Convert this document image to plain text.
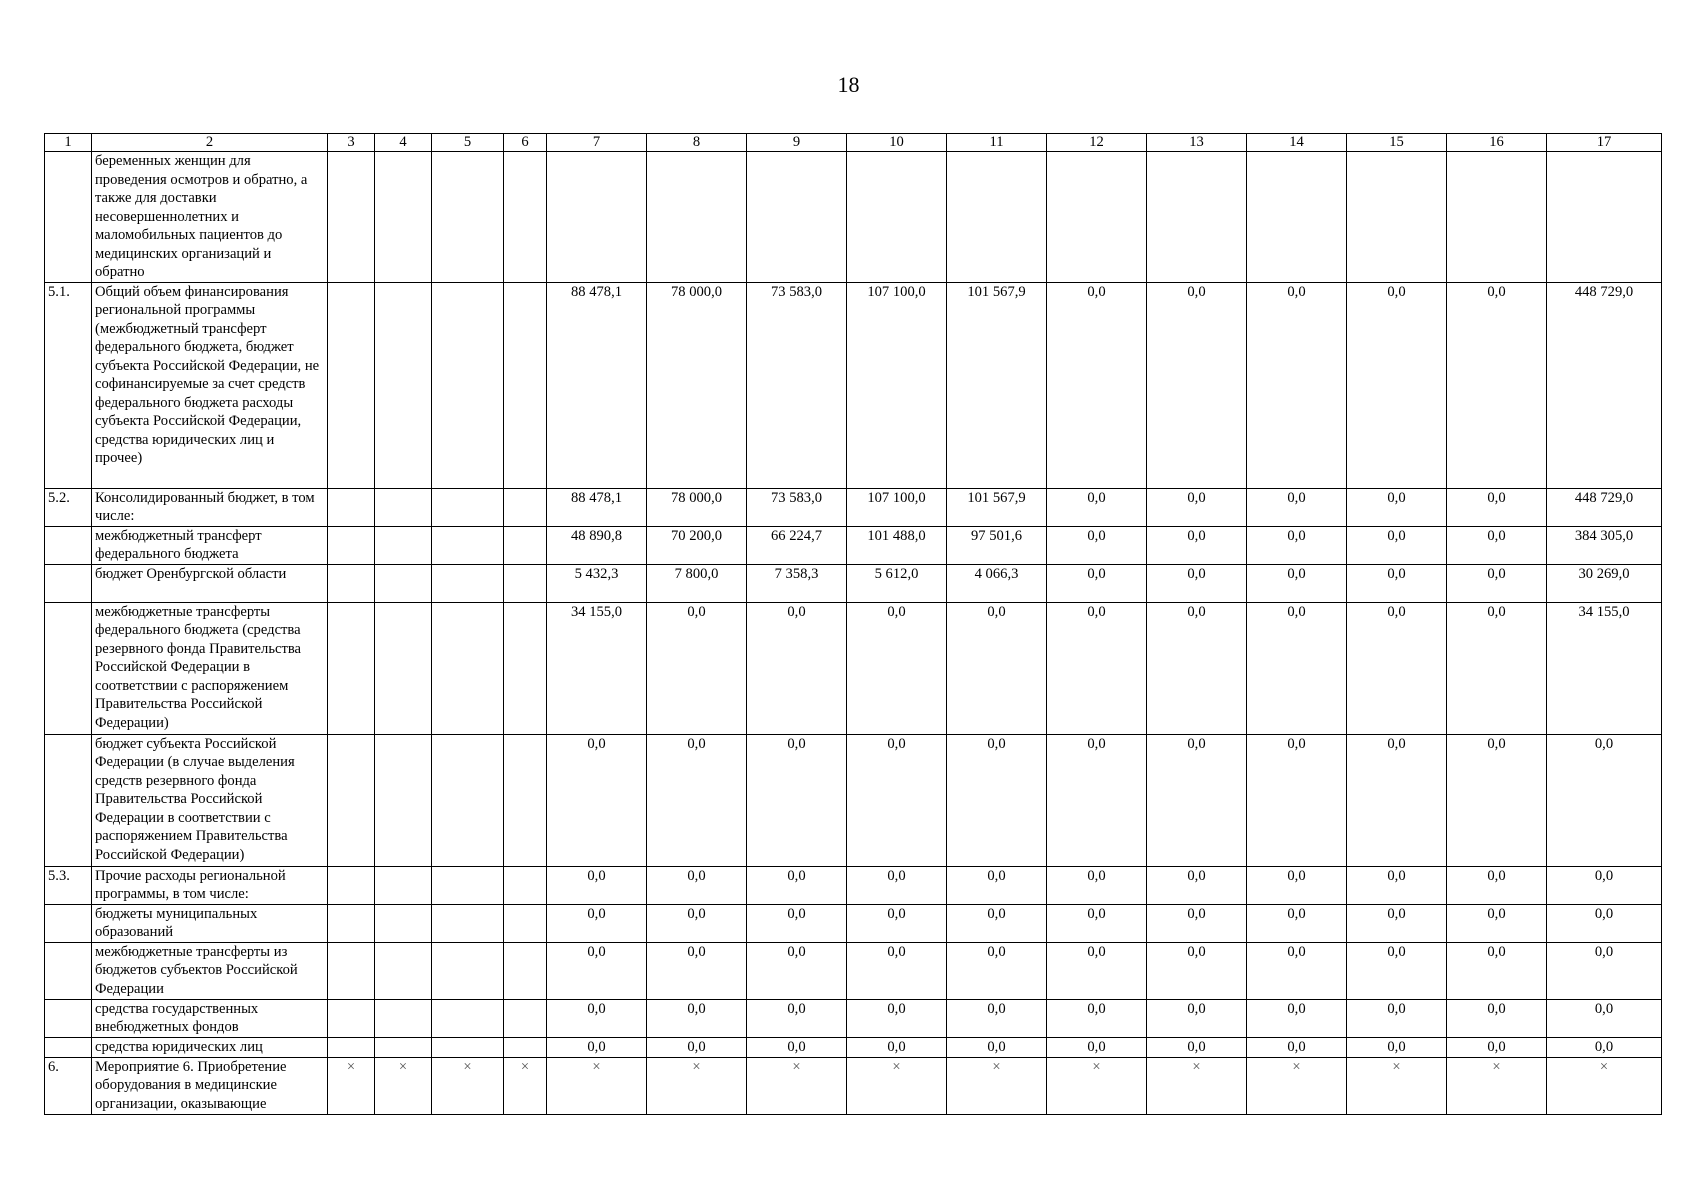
18
1	2	3	4	5	6	7	8	9	10	11	12	13	14	15	16	17
	беременных женщин для проведения осмотров и обратно, а также для доставки несовершеннолетних и маломобильных пациентов до медицинских организаций и обратно															
5.1.	Общий объем финансирования региональной программы (межбюджетный трансферт федерального бюджета, бюджет субъекта Российской Федерации, не софинансируемые за счет средств федерального бюджета расходы субъекта Российской Федерации, средства юридических лиц и прочее)					88 478,1	78 000,0	73 583,0	107 100,0	101 567,9	0,0	0,0	0,0	0,0	0,0	448 729,0
5.2.	Консолидированный бюджет, в том числе:					88 478,1	78 000,0	73 583,0	107 100,0	101 567,9	0,0	0,0	0,0	0,0	0,0	448 729,0
	межбюджетный трансферт федерального бюджета					48 890,8	70 200,0	66 224,7	101 488,0	97 501,6	0,0	0,0	0,0	0,0	0,0	384 305,0
	бюджет Оренбургской области					5 432,3	7 800,0	7 358,3	5 612,0	4 066,3	0,0	0,0	0,0	0,0	0,0	30 269,0
	межбюджетные трансферты федерального бюджета (средства резервного фонда Правительства Российской Федерации в соответствии с распоряжением Правительства Российской Федерации)					34 155,0	0,0	0,0	0,0	0,0	0,0	0,0	0,0	0,0	0,0	34 155,0
	бюджет субъекта Российской Федерации (в случае выделения средств резервного фонда Правительства Российской Федерации в соответствии с распоряжением Правительства Российской Федерации)					0,0	0,0	0,0	0,0	0,0	0,0	0,0	0,0	0,0	0,0	0,0
5.3.	Прочие расходы региональной программы, в том числе:					0,0	0,0	0,0	0,0	0,0	0,0	0,0	0,0	0,0	0,0	0,0
	бюджеты муниципальных образований					0,0	0,0	0,0	0,0	0,0	0,0	0,0	0,0	0,0	0,0	0,0
	межбюджетные трансферты из бюджетов субъектов Российской Федерации					0,0	0,0	0,0	0,0	0,0	0,0	0,0	0,0	0,0	0,0	0,0
	средства государственных внебюджетных фондов					0,0	0,0	0,0	0,0	0,0	0,0	0,0	0,0	0,0	0,0	0,0
	средства юридических лиц					0,0	0,0	0,0	0,0	0,0	0,0	0,0	0,0	0,0	0,0	0,0
6.	Мероприятие 6. Приобретение оборудования в медицинские организации, оказывающие	×	×	×	×	×	×	×	×	×	×	×	×	×	×	×
